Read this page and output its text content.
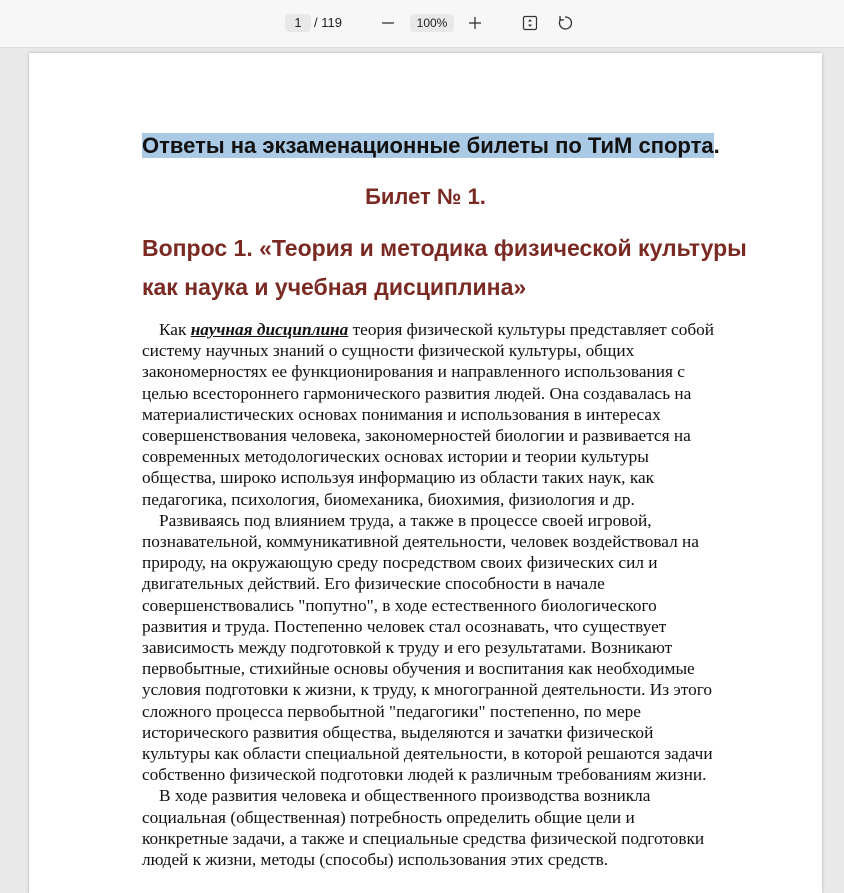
1 / 119	100%
Ответы на экзаменационные билеты по ТиМ спорта.
Билет № 1.
Вопрос 1. «Теория и методика физической культуры
как наука и учебная дисциплина»
Как научная дисциплина теория физической культуры представляет собой
системy научных знаний о сущности физической культуры, общих
закономерностях ее функционирования и направленного использования с
целью всестороннего гармонического развития людей. Она создавалась на
материалистических основах понимания и использования в интересах
совершенствования человека, закономерностей биологии и развивается на
современных методологических основах истории и теории культуры
общества, широко используя информацию из области таких наук, как
педагогика, психология, биомеханика, биохимия, физиология и др.
Развиваясь под влиянием труда, а также в процессе своей игровой,
познавательной, коммуникативной деятельности, человек воздействовал на
природу, на окружающую среду посредством своих физических сил и
двигательных действий. Его физические способности в начале
совершенствовались "попутно", в ходе естественного биологического
развития и труда. Постепенно человек стал осознавать, что существует
зависимость между подготовкой к труду и его результатами. Возникают
первобытные, стихийные основы обучения и воспитания как необходимые
условия подготовки к жизни, к труду, к многогранной деятельности. Из этого
сложного процесса первобытной "педагогики" постепенно, по мере
исторического развития общества, выделяются и зачатки физической
культуры как области специальной деятельности, в которой решаются задачи
собственно физической подготовки людей к различным требованиям жизни.
В ходе развития человека и общественного производства возникла
социальная (общественная) потребность определить общие цели и
конкретные задачи, а также и специальные средства физической подготовки
людей к жизни, методы (способы) использования этих средств.
